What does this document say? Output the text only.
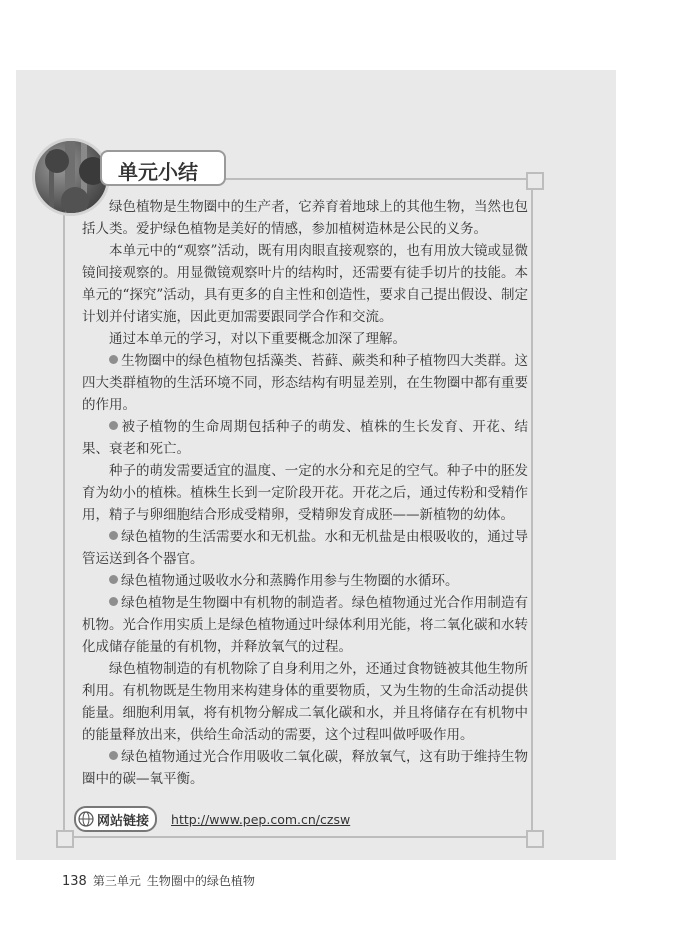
单元小结

绿色植物是生物圈中的生产者，它养育着地球上的其他生物，当然也包括人类。爱护绿色植物是美好的情感，参加植树造林是公民的义务。

本单元中的“观察”活动，既有用肉眼直接观察的，也有用放大镜或显微镜间接观察的。用显微镜观察叶片的结构时，还需要有徒手切片的技能。本单元的“探究”活动，具有更多的自主性和创造性，要求自己提出假设、制定计划并付诸实施，因此更加需要跟同学合作和交流。

通过本单元的学习，对以下重要概念加深了理解。

生物圈中的绿色植物包括藻类、苔藓、蕨类和种子植物四大类群。这四大类群植物的生活环境不同，形态结构有明显差别，在生物圈中都有重要的作用。

被子植物的生命周期包括种子的萌发、植株的生长发育、开花、结果、衰老和死亡。

种子的萌发需要适宜的温度、一定的水分和充足的空气。种子中的胚发育为幼小的植株。植株生长到一定阶段开花。开花之后，通过传粉和受精作用，精子与卵细胞结合形成受精卵，受精卵发育成胚——新植物的幼体。

绿色植物的生活需要水和无机盐。水和无机盐是由根吸收的，通过导管运送到各个器官。

绿色植物通过吸收水分和蒸腾作用参与生物圈的水循环。

绿色植物是生物圈中有机物的制造者。绿色植物通过光合作用制造有机物。光合作用实质上是绿色植物通过叶绿体利用光能，将二氧化碳和水转化成储存能量的有机物，并释放氧气的过程。

绿色植物制造的有机物除了自身利用之外，还通过食物链被其他生物所利用。有机物既是生物用来构建身体的重要物质，又为生物的生命活动提供能量。细胞利用氧，将有机物分解成二氧化碳和水，并且将储存在有机物中的能量释放出来，供给生命活动的需要，这个过程叫做呼吸作用。

绿色植物通过光合作用吸收二氧化碳，释放氧气，这有助于维持生物圈中的碳—氧平衡。

网站链接 http://www.pep.com.cn/czsw
138 第三单元 生物圈中的绿色植物
